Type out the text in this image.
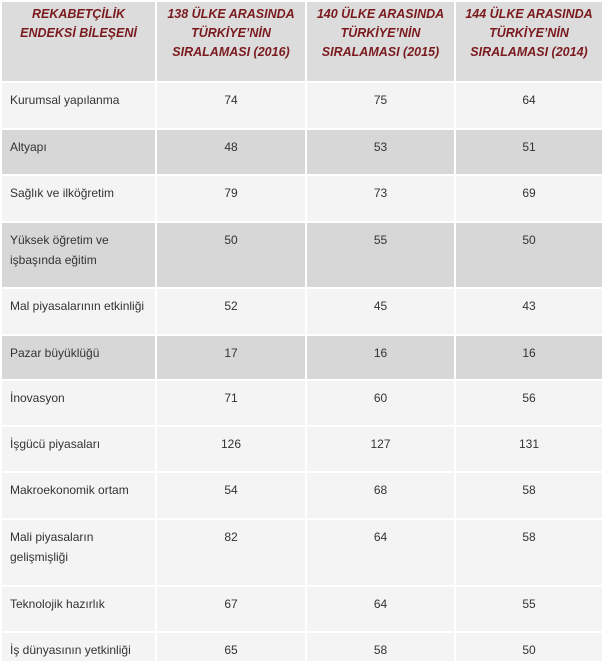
REKABETÇİLİK ENDEKSİ BİLEŞENİ	138 ÜLKE ARASINDA TÜRKİYE’NİN SIRALAMASI (2016)	140 ÜLKE ARASINDA TÜRKİYE’NİN SIRALAMASI (2015)	144 ÜLKE ARASINDA TÜRKİYE’NİN SIRALAMASI (2014)
Kurumsal yapılanma	74	75	64
Altyapı	48	53	51
Sağlık ve ilköğretim	79	73	69
Yüksek öğretim ve işbaşında eğitim	50	55	50
Mal piyasalarının etkinliği	52	45	43
Pazar büyüklüğü	17	16	16
İnovasyon	71	60	56
İşgücü piyasaları	126	127	131
Makroekonomik ortam	54	68	58
Mali piyasaların gelişmişliği	82	64	58
Teknolojik hazırlık	67	64	55
İş dünyasının yetkinliği	65	58	50
